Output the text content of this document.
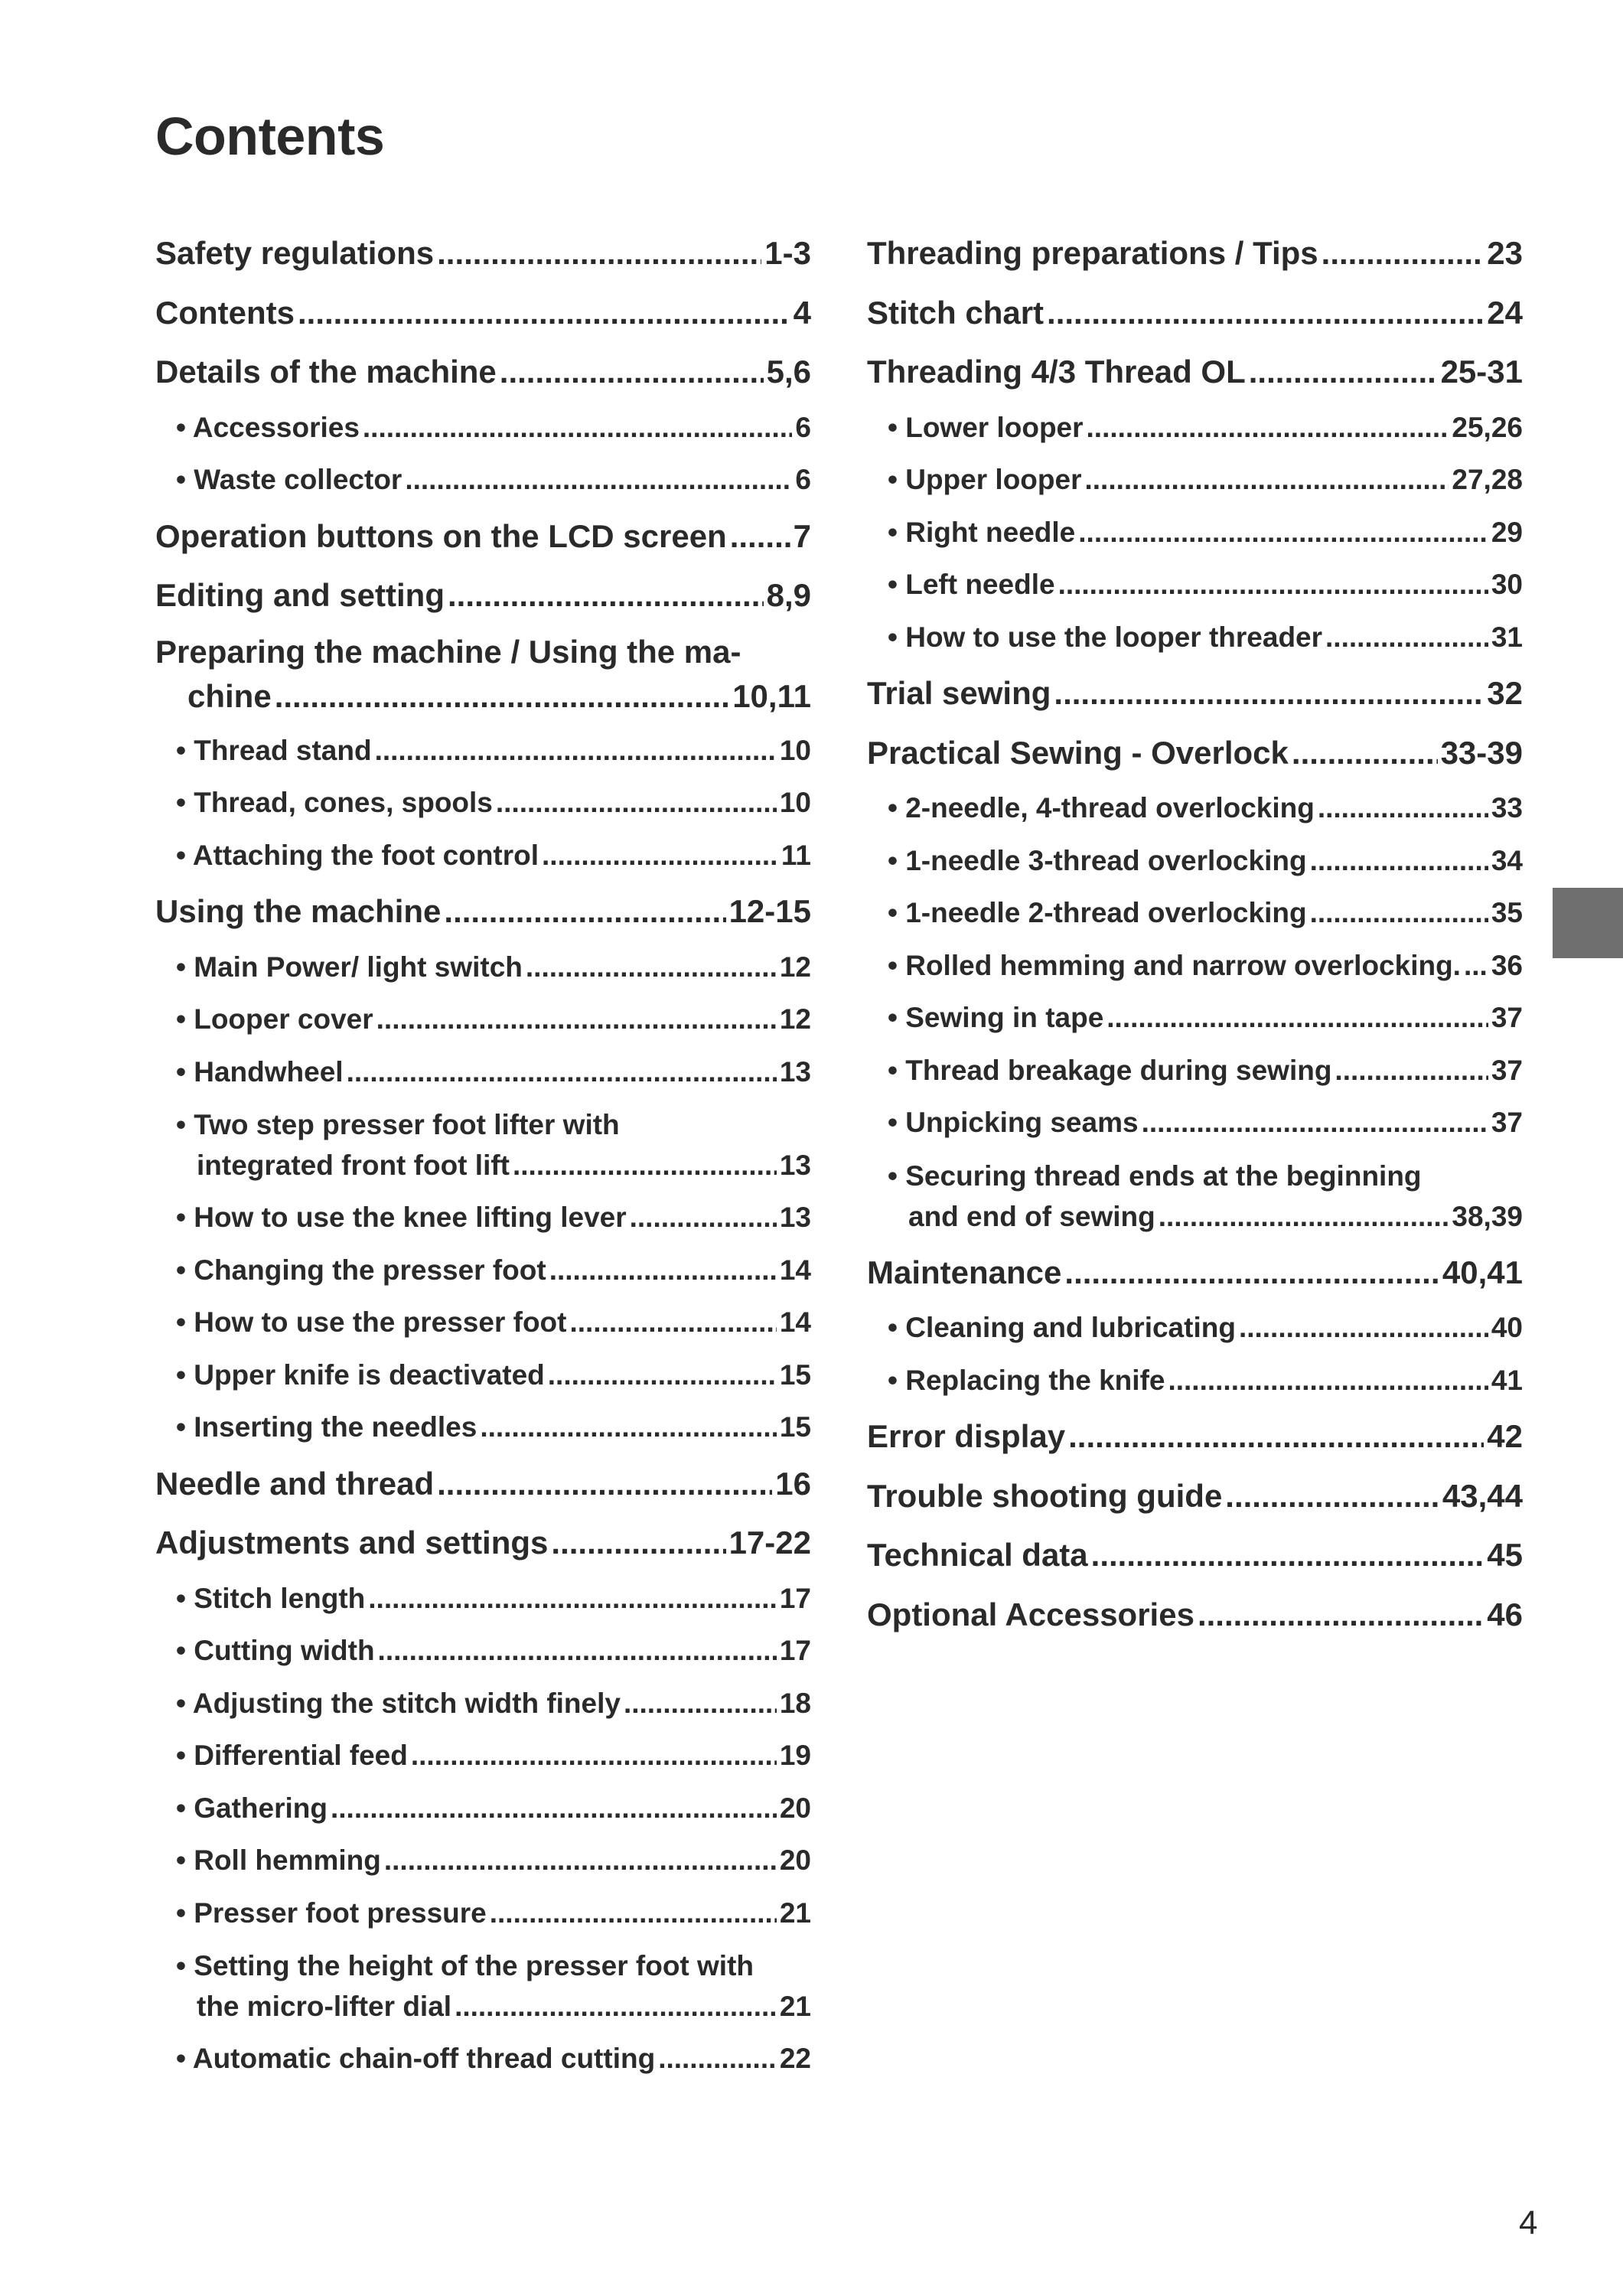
Contents
Safety regulations .....	1-3
Contents .....	4
Details of the machine .....	5,6
• Accessories .....	6
• Waste collector .....	6
Operation buttons on the LCD screen ..... 7
Editing and setting .....	8,9
Preparing the machine / Using the ma-
chine .....	10,11
• Thread stand .....	10
• Thread, cones, spools .....	10
• Attaching the foot control .....	11
Using the machine .....	12-15
• Main Power/ light switch .....	12
• Looper cover .....	12
• Handwheel .....	13
• Two step presser foot lifter with
integrated front foot lift .....	13
• How to use the knee lifting lever .....	13
• Changing the presser foot .....	14
• How to use the presser foot .....	14
• Upper knife is deactivated .....	15
• Inserting the needles .....	15
Needle and thread .....	16
Adjustments and settings .....	17-22
• Stitch length .....	17
• Cutting width .....	17
• Adjusting the stitch width finely .....	18
• Differential feed .....	19
• Gathering .....	20
• Roll hemming .....	20
• Presser foot pressure .....	21
• Setting the height of the presser foot with
the micro-lifter dial .....	21
• Automatic chain-off thread cutting .....	22
Threading preparations / Tips .....	23
Stitch chart .....	24
Threading 4/3 Thread OL .....	25-31
• Lower looper .....	25,26
• Upper looper .....	27,28
• Right needle .....	29
• Left needle .....	30
• How to use the looper threader .....	31
Trial sewing .....	32
Practical Sewing - Overlock .....	33-39
• 2-needle, 4-thread overlocking .....	33
• 1-needle 3-thread overlocking .....	34
• 1-needle 2-thread overlocking .....	35
• Rolled hemming and narrow overlocking. ..... 36
• Sewing in tape .....	37
• Thread breakage during sewing .....	37
• Unpicking seams .....	37
• Securing thread ends at the beginning
and end of sewing .....	38,39
Maintenance .....	40,41
• Cleaning and lubricating .....	40
• Replacing the knife .....	41
Error display .....	42
Trouble shooting guide .....	43,44
Technical data .....	45
Optional Accessories .....	46
4
